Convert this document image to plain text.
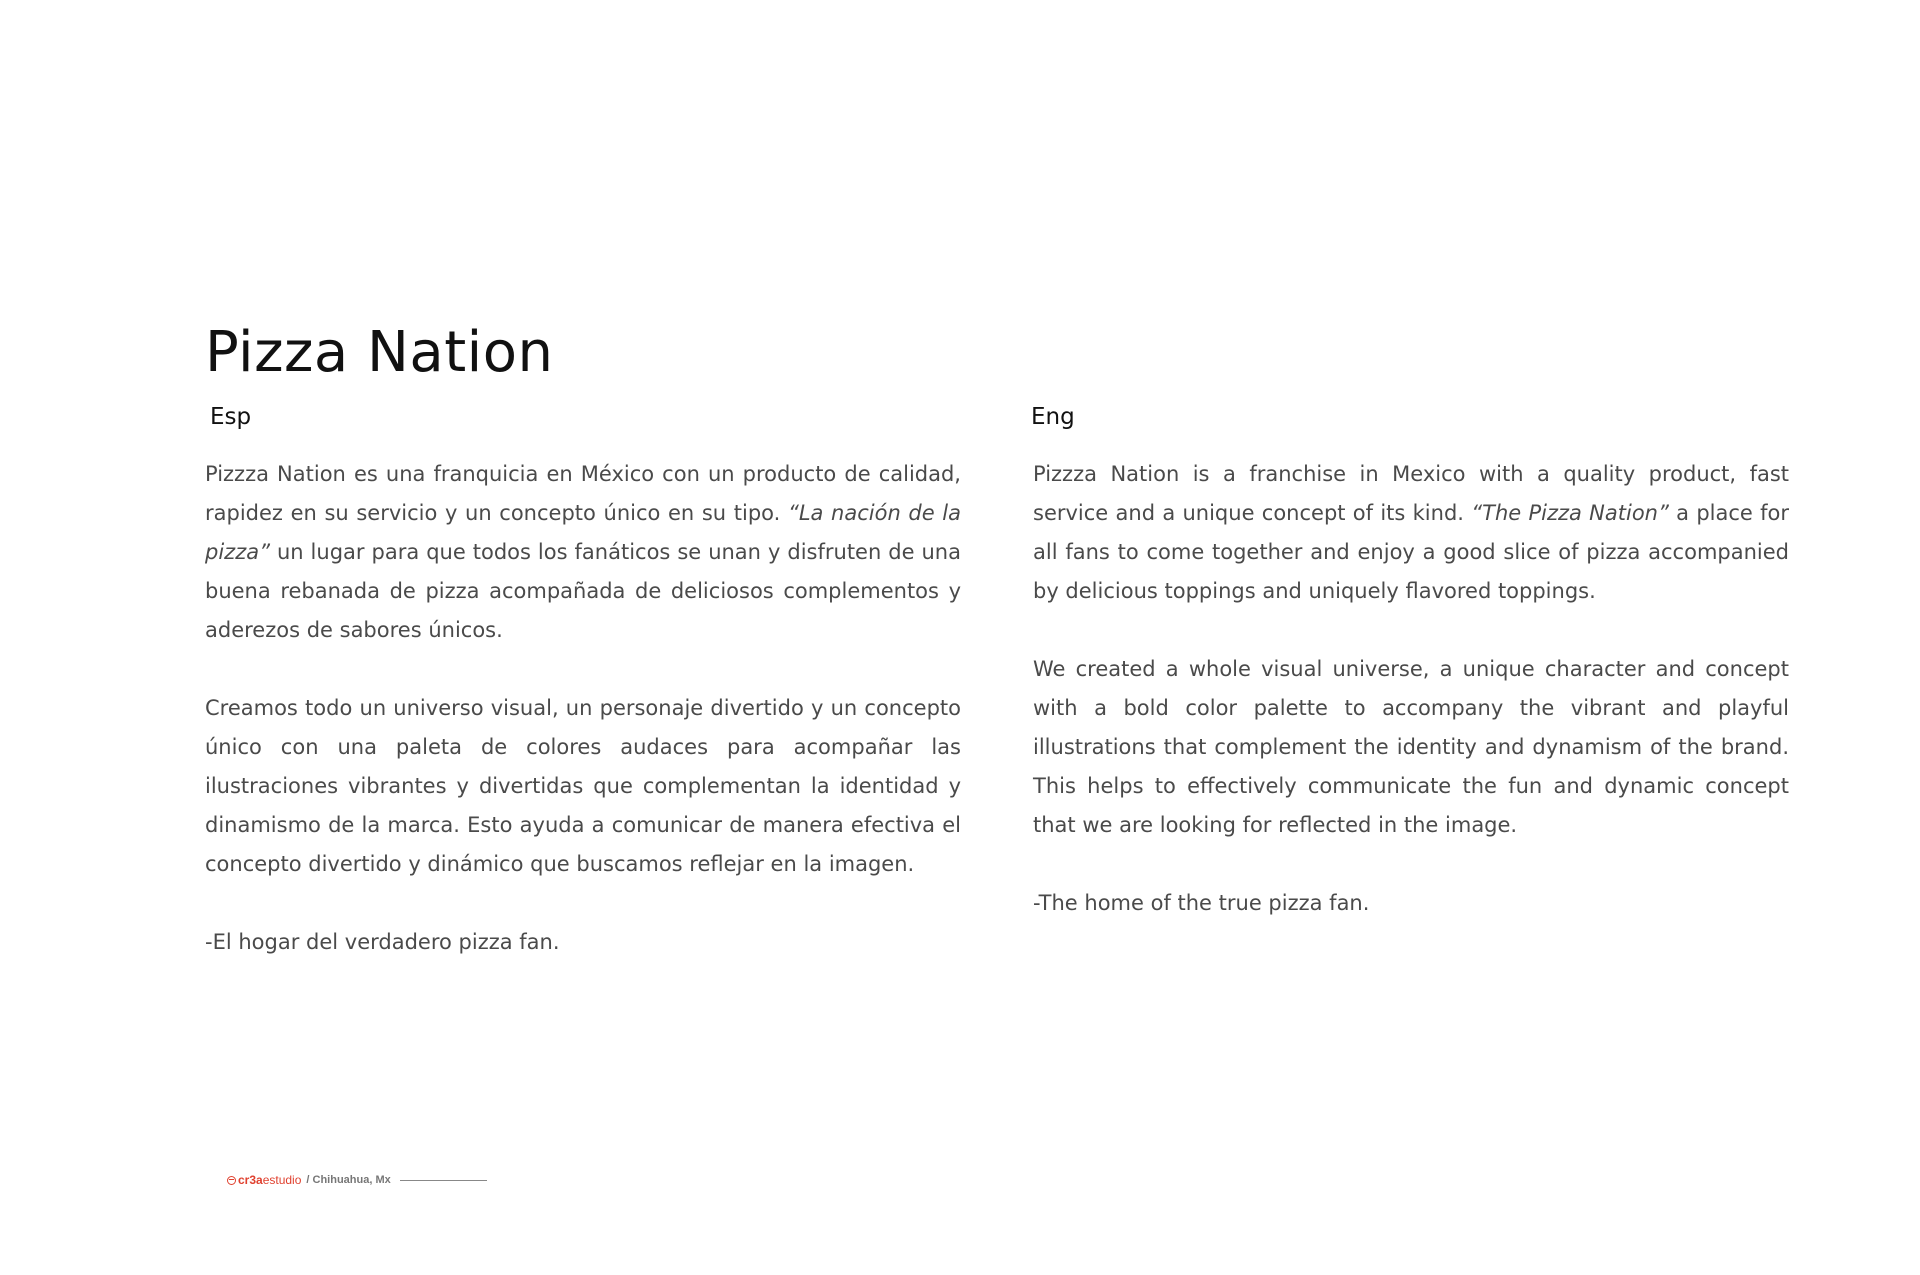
Pizza Nation
Esp	Eng

Pizzza Nation es una franquicia en México con un producto de calidad, rapidez en su servicio y un concepto único en su tipo. “La nación de la pizza” un lugar para que todos los fanáticos se unan y disfruten de una buena rebanada de pizza acompañada de deliciosos complementos y aderezos de sabores únicos.

Creamos todo un universo visual, un personaje divertido y un concepto único con una paleta de colores audaces para acompañar las ilustraciones vibrantes y divertidas que complementan la identidad y dinamismo de la marca. Esto ayuda a comunicar de manera efectiva el concepto divertido y dinámico que buscamos reflejar en la imagen.

-El hogar del verdadero pizza fan.

Pizzza Nation is a franchise in Mexico with a quality product, fast service and a unique concept of its kind. “The Pizza Nation” a place for all fans to come together and enjoy a good slice of pizza accompanied by delicious toppings and uniquely flavored toppings.

We created a whole visual universe, a unique character and concept with a bold color palette to accompany the vibrant and playful illustrations that complement the identity and dynamism of the brand. This helps to effectively communicate the fun and dynamic concept that we are looking for reflected in the image.

-The home of the true pizza fan.

cr3a estudio / Chihuahua, Mx
